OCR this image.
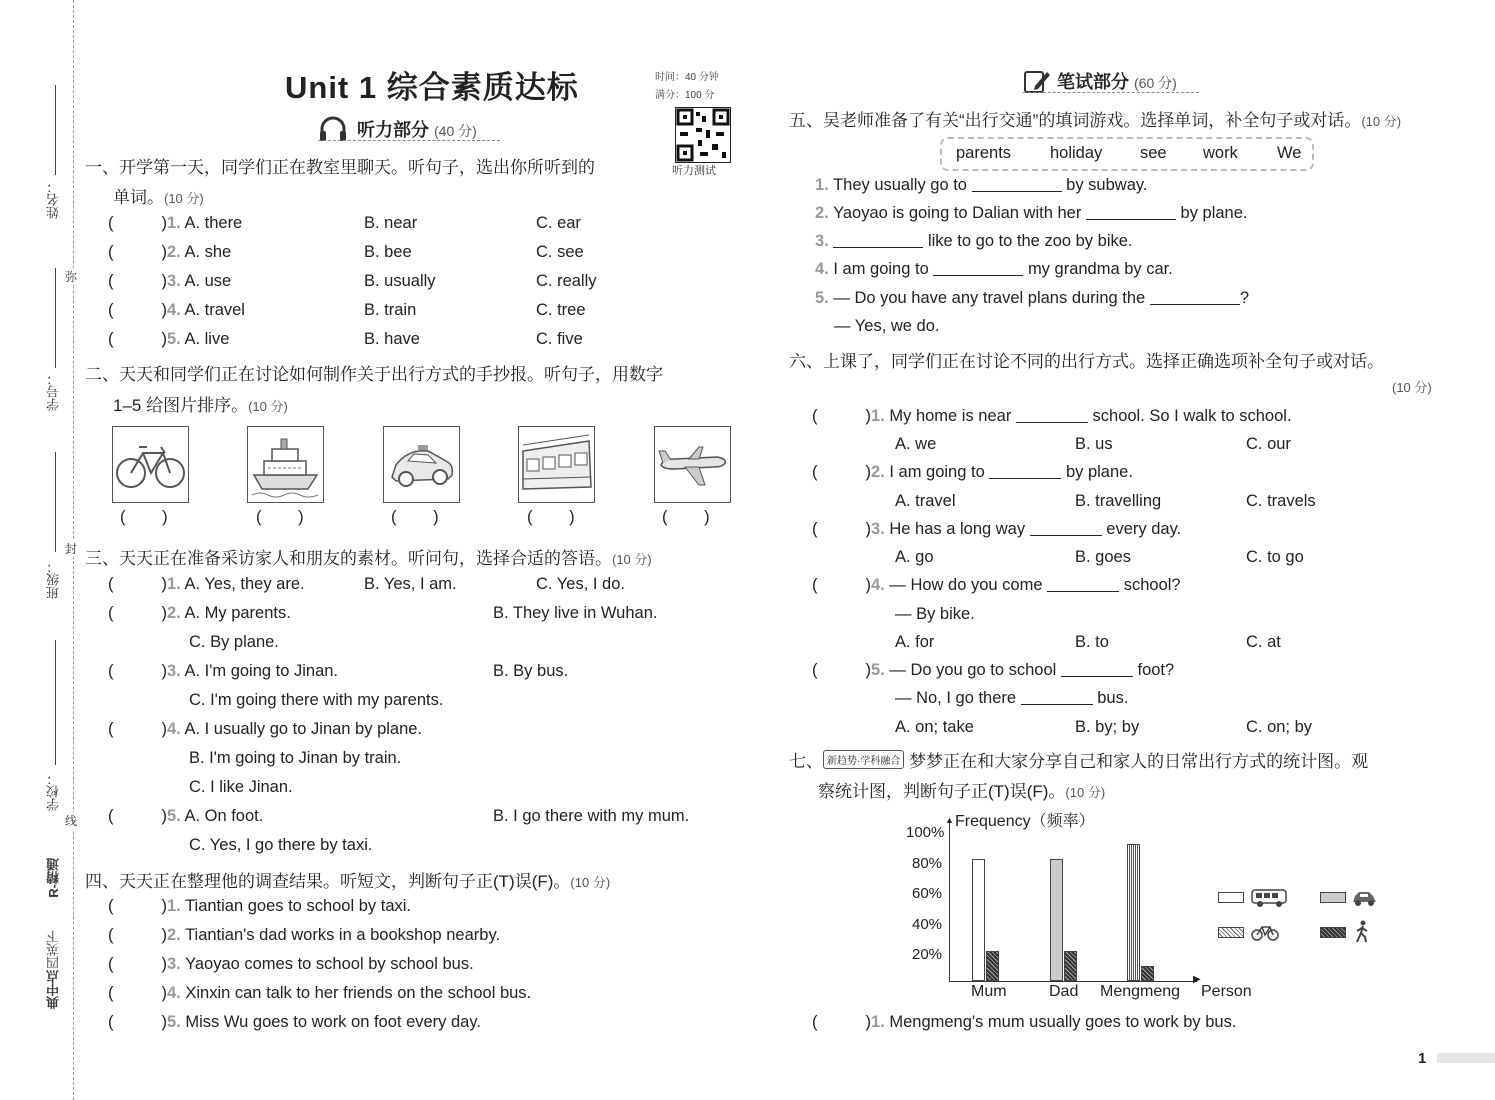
姓名：
弥
学号：
封
班级：
线
学校：
R-精通
四英下
典中点
Unit 1 综合素质达标	时间：40 分钟
满分：100 分
听力测试
听力部分 (40 分)
一、开学第一天，同学们正在教室里聊天。听句子，选出你所听到的
单词。(10 分)
(	)1. A. there	B. near	C. ear
(	)2. A. she	B. bee	C. see
(	)3. A. use	B. usually	C. really
(	)4. A. travel	B. train	C. tree
(	)5. A. live	B. have	C. five
二、天天和同学们正在讨论如何制作关于出行方式的手抄报。听句子，用数字
1–5 给图片排序。(10 分)
(        )	(        )	(        )	(        )	(        )
三、天天正在准备采访家人和朋友的素材。听问句，选择合适的答语。(10 分)
(	)1. A. Yes, they are.	B. Yes, I am.	C. Yes, I do.
(	)2. A. My parents.	B. They live in Wuhan.
C. By plane.
(	)3. A. I'm going to Jinan.	B. By bus.
C. I'm going there with my parents.
(	)4. A. I usually go to Jinan by plane.
B. I'm going to Jinan by train.
C. I like Jinan.
(	)5. A. On foot.	B. I go there with my mum.
C. Yes, I go there by taxi.
四、天天正在整理他的调查结果。听短文，判断句子正(T)误(F)。(10 分)
(	)1. Tiantian goes to school by taxi.
(	)2. Tiantian's dad works in a bookshop nearby.
(	)3. Yaoyao comes to school by school bus.
(	)4. Xinxin can talk to her friends on the school bus.
(	)5. Miss Wu goes to work on foot every day.
笔试部分 (60 分)
五、吴老师准备了有关“出行交通”的填词游戏。选择单词，补全句子或对话。(10 分)
parents holiday see work We
1. They usually go to	by subway.
2. Yaoyao is going to Dalian with her	by plane.
3.	like to go to the zoo by bike.
4. I am going to	my grandma by car.
5. — Do you have any travel plans during the	?
— Yes, we do.
六、上课了，同学们正在讨论不同的出行方式。选择正确选项补全句子或对话。
(10 分)
(	)1. My home is near	school. So I walk to school.
A. we	B. us	C. our
(	)2. I am going to	by plane.
A. travel	B. travelling	C. travels
(	)3. He has a long way	every day.
A. go	B. goes	C. to go
(	)4. — How do you come	school?
— By bike.
A. for	B. to	C. at
(	)5. — Do you go to school	foot?
— No, I go there	bus.
A. on; take	B. by; by	C. on; by
七、 新趋势·学科融合 梦梦正在和大家分享自己和家人的日常出行方式的统计图。观
察统计图，判断句子正(T)误(F)。(10 分)
▲
▶
Frequency（频率）
Person
100%
80%
60%
40%
20%
Mum	Dad Mengmeng
(	)1. Mengmeng's mum usually goes to work by bus.
1
